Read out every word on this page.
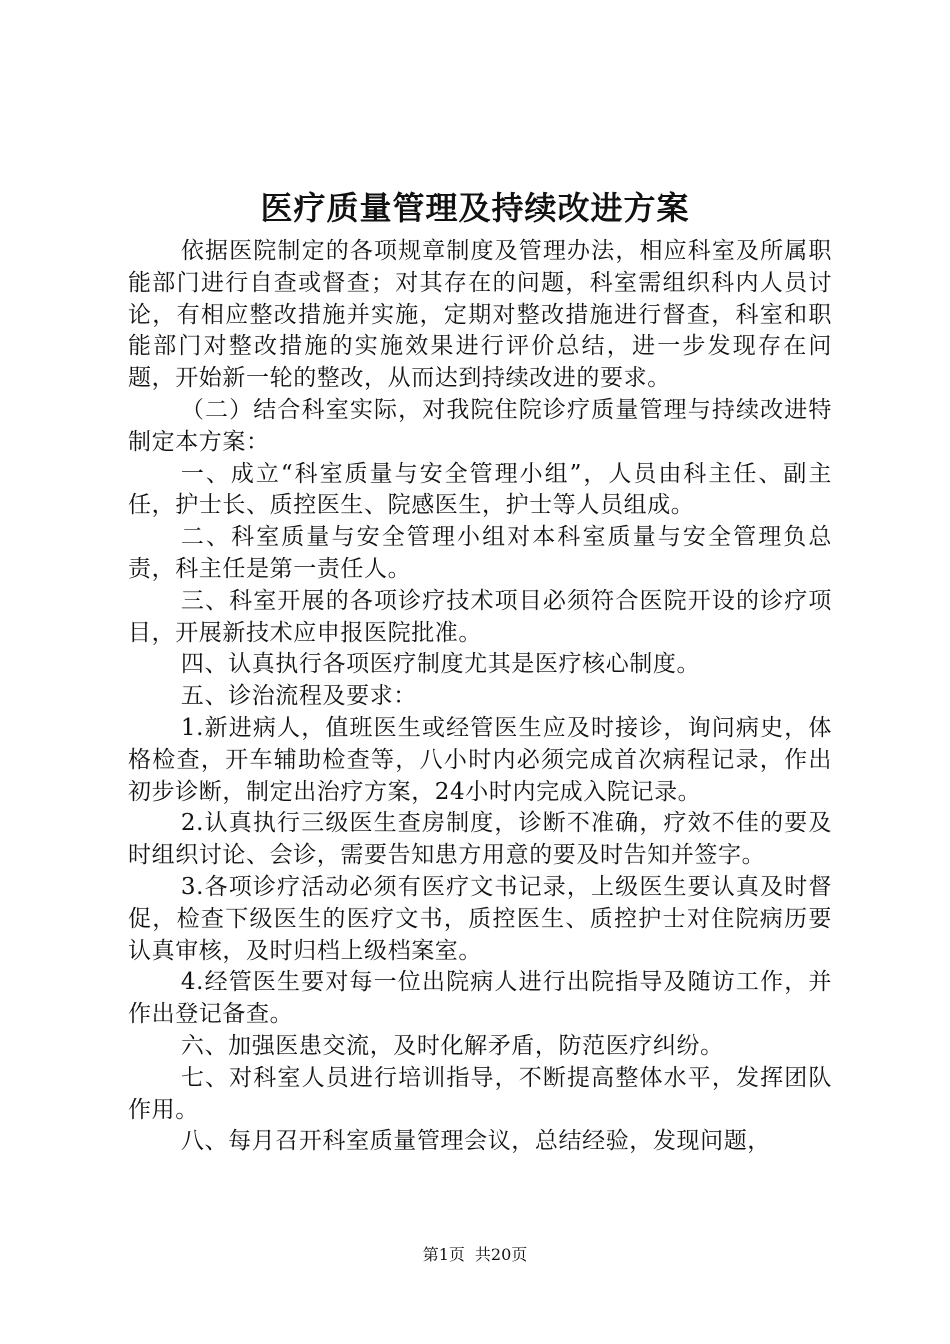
医疗质量管理及持续改进方案

依据医院制定的各项规章制度及管理办法，相应科室及所属职能部门进行自查或督查；对其存在的问题，科室需组织科内人员讨论，有相应整改措施并实施，定期对整改措施进行督查，科室和职能部门对整改措施的实施效果进行评价总结，进一步发现存在问题，开始新一轮的整改，从而达到持续改进的要求。

（二）结合科室实际，对我院住院诊疗质量管理与持续改进特制定本方案：

一、成立“科室质量与安全管理小组”，人员由科主任、副主任，护士长、质控医生、院感医生，护士等人员组成。

二、科室质量与安全管理小组对本科室质量与安全管理负总责，科主任是第一责任人。

三、科室开展的各项诊疗技术项目必须符合医院开设的诊疗项目，开展新技术应申报医院批准。

四、认真执行各项医疗制度尤其是医疗核心制度。

五、诊治流程及要求：

1.新进病人，值班医生或经管医生应及时接诊，询问病史，体格检查，开车辅助检查等，八小时内必须完成首次病程记录，作出初步诊断，制定出治疗方案，24小时内完成入院记录。

2.认真执行三级医生查房制度，诊断不准确，疗效不佳的要及时组织讨论、会诊，需要告知患方用意的要及时告知并签字。

3.各项诊疗活动必须有医疗文书记录，上级医生要认真及时督促，检查下级医生的医疗文书，质控医生、质控护士对住院病历要认真审核，及时归档上级档案室。

4.经管医生要对每一位出院病人进行出院指导及随访工作，并作出登记备查。

六、加强医患交流，及时化解矛盾，防范医疗纠纷。

七、对科室人员进行培训指导，不断提高整体水平，发挥团队作用。

八、每月召开科室质量管理会议，总结经验，发现问题，

第1页 共20页
